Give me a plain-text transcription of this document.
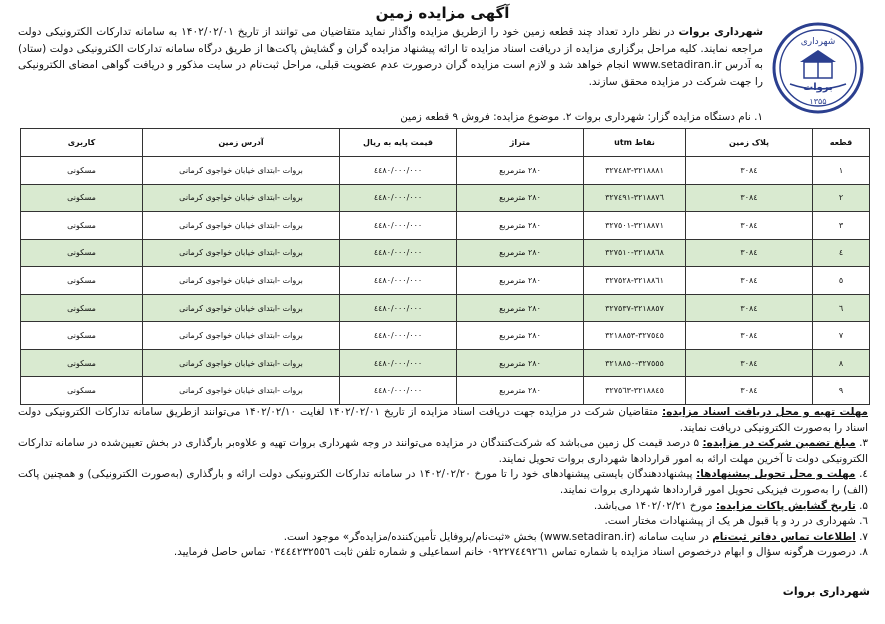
آگهی مزایده زمین
شهرداری
بروات
۱۳۵۵
شهرداری بروات در نظر دارد تعداد چند قطعه زمین خود را ازطریق مزایده واگذار نماید متقاضیان می توانند از تاریخ ۱۴۰۲/۰۲/۰۱ به سامانه تدارکات الکترونیکی دولت مراجعه نمایند. کلیه مراحل برگزاری مزایده از دریافت اسناد مزایده تا ارائه پیشنهاد مزایده گران و گشایش پاکت‌ها از طریق درگاه سامانه تدارکات الکترونیکی دولت (ستاد) به آدرس www.setadiran.ir انجام خواهد شد و لازم است مزایده گران درصورت عدم عضویت قبلی، مراحل ثبت‌نام در سایت مذکور و دریافت گواهی امضای الکترونیکی را جهت شرکت در مزایده محقق سازند.
۱. نام دستگاه مزایده گزار: شهرداری بروات ۲. موضوع مزایده: فروش ۹ قطعه زمین
قطعه	پلاک زمین	نقاط utm	متراژ	قیمت پایه به ریال	آدرس زمین	کاربری
۱	۳۰۸٤	۳۲۷٤۸۳-۳۲۱۸۸۸۱	۲۸۰ مترمربع	٤٤٨۰/۰۰۰/۰۰۰	بروات -ابتدای خیابان خواجوی کرمانی	مسکونی
۲	۳۰۸٤	۳۲۷٤۹۱-۳۲۱۸۸۷٦	۲۸۰ مترمربع	٤٤٨۰/۰۰۰/۰۰۰	بروات -ابتدای خیابان خواجوی کرمانی	مسکونی
۳	۳۰۸٤	۳۲۷٥۰۱-۳۲۱۸۸۷۱	۲۸۰ مترمربع	٤٤٨۰/۰۰۰/۰۰۰	بروات -ابتدای خیابان خواجوی کرمانی	مسکونی
٤	۳۰۸٤	۳۲۷٥۱۰-۳۲۱۸۸٦۸	۲۸۰ مترمربع	٤٤٨۰/۰۰۰/۰۰۰	بروات -ابتدای خیابان خواجوی کرمانی	مسکونی
٥	۳۰۸٤	۳۲۷٥۲۸-۳۲۱۸۸٦۱	۲۸۰ مترمربع	٤٤٨۰/۰۰۰/۰۰۰	بروات -ابتدای خیابان خواجوی کرمانی	مسکونی
٦	۳۰۸٤	۳۲۷٥۳۷-۳۲۱۸۸٥۷	۲۸۰ مترمربع	٤٤٨۰/۰۰۰/۰۰۰	بروات -ابتدای خیابان خواجوی کرمانی	مسکونی
۷	۳۰۸٤	۳۲۷٥٤٥-۳۲۱۸۸٥۳	۲۸۰ مترمربع	٤٤٨۰/۰۰۰/۰۰۰	بروات -ابتدای خیابان خواجوی کرمانی	مسکونی
۸	۳۰۸٤	۳۲۷٥٥٥-۳۲۱۸۸٥۰	۲۸۰ مترمربع	٤٤٨۰/۰۰۰/۰۰۰	بروات -ابتدای خیابان خواجوی کرمانی	مسکونی
۹	۳۰۸٤	۳۲۷٥٦۳-۳۲۱۸۸٤٥	۲۸۰ مترمربع	٤٤٨۰/۰۰۰/۰۰۰	بروات -ابتدای خیابان خواجوی کرمانی	مسکونی

مهلت تهیه و محل دریافت اسناد مزایده: متقاضیان شرکت در مزایده جهت دریافت اسناد مزایده از تاریخ ۱۴۰۲/۰۲/۰۱ لغایت ۱۴۰۲/۰۲/۱۰ می‌توانند ازطریق سامانه تدارکات الکترونیکی دولت اسناد را به‌صورت الکترونیکی دریافت نمایند.

۳. مبلغ تضمین شرکت در مزایده: ۵ درصد قیمت کل زمین می‌باشد که شرکت‌کنندگان در مزایده می‌توانند در وجه شهرداری بروات تهیه و علاوه‌بر بارگذاری در بخش تعیین‌شده در سامانه تدارکات الکترونیکی دولت تا آخرین مهلت ارائه به امور قراردادها شهرداری بروات تحویل نمایند.

٤. مهلت و محل تحویل پیشنهادها: پیشنهاددهندگان بایستی پیشنهادهای خود را تا مورخ ۱۴۰۲/۰۲/۲۰ در سامانه تدارکات الکترونیکی دولت ارائه و بارگذاری (به‌صورت الکترونیکی) و همچنین پاکت (الف) را به‌صورت فیزیکی تحویل امور قراردادها شهرداری بروات نمایند.

۵. تاریخ گشایش پاکات مزایده: مورخ ۱۴۰۲/۰۲/۲۱ می‌باشد.

٦. شهرداری در رد و یا قبول هر یک از پیشنهادات مختار است.

۷. اطلاعات تماس دفاتر ثبت‌نام در سایت سامانه (www.setadiran.ir) بخش «ثبت‌نام/پروفایل تأمین‌کننده/مزایده‌گر» موجود است.

۸. درصورت هرگونه سؤال و ابهام درخصوص اسناد مزایده با شماره تماس ۰۹۲۲۷٤٤۹۲٦۱ خانم اسماعیلی و شماره تلفن ثابت ۰۳٤٤٤۲۳۲٥٥٦ تماس حاصل فرمایید.

شهرداری بروات
